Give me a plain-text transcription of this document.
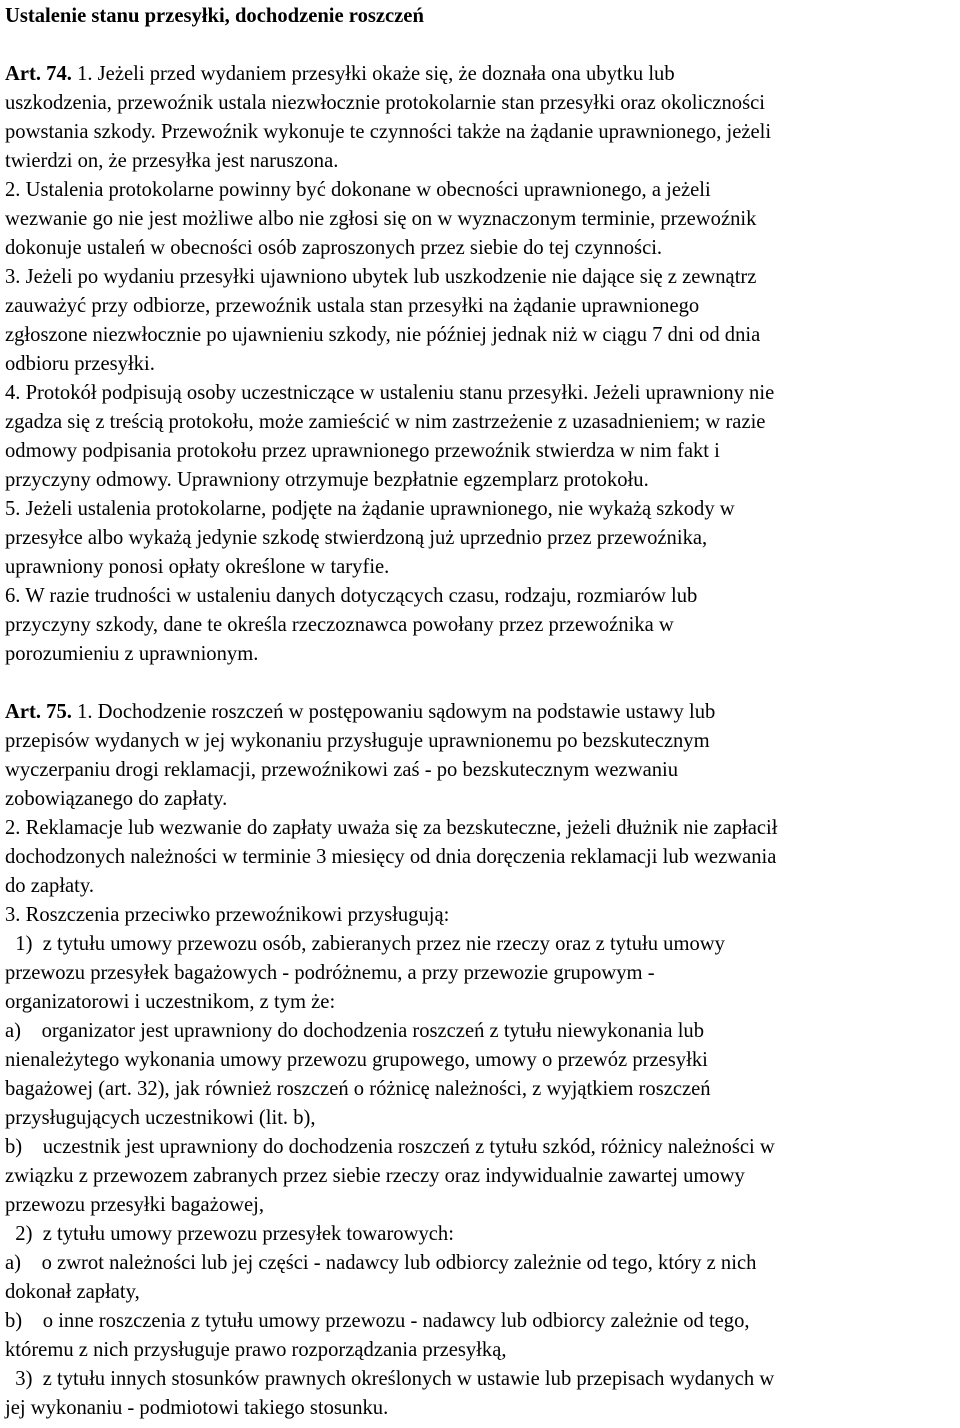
Ustalenie stanu przesyłki, dochodzenie roszczeń
Art. 74. 1. Jeżeli przed wydaniem przesyłki okaże się, że doznała ona ubytku lub
uszkodzenia, przewoźnik ustala niezwłocznie protokolarnie stan przesyłki oraz okoliczności
powstania szkody. Przewoźnik wykonuje te czynności także na żądanie uprawnionego, jeżeli
twierdzi on, że przesyłka jest naruszona.
2. Ustalenia protokolarne powinny być dokonane w obecności uprawnionego, a jeżeli
wezwanie go nie jest możliwe albo nie zgłosi się on w wyznaczonym terminie, przewoźnik
dokonuje ustaleń w obecności osób zaproszonych przez siebie do tej czynności.
3. Jeżeli po wydaniu przesyłki ujawniono ubytek lub uszkodzenie nie dające się z zewnątrz
zauważyć przy odbiorze, przewoźnik ustala stan przesyłki na żądanie uprawnionego
zgłoszone niezwłocznie po ujawnieniu szkody, nie później jednak niż w ciągu 7 dni od dnia
odbioru przesyłki.
4. Protokół podpisują osoby uczestniczące w ustaleniu stanu przesyłki. Jeżeli uprawniony nie
zgadza się z treścią protokołu, może zamieścić w nim zastrzeżenie z uzasadnieniem; w razie
odmowy podpisania protokołu przez uprawnionego przewoźnik stwierdza w nim fakt i
przyczyny odmowy. Uprawniony otrzymuje bezpłatnie egzemplarz protokołu.
5. Jeżeli ustalenia protokolarne, podjęte na żądanie uprawnionego, nie wykażą szkody w
przesyłce albo wykażą jedynie szkodę stwierdzoną już uprzednio przez przewoźnika,
uprawniony ponosi opłaty określone w taryfie.
6. W razie trudności w ustaleniu danych dotyczących czasu, rodzaju, rozmiarów lub
przyczyny szkody, dane te określa rzeczoznawca powołany przez przewoźnika w
porozumieniu z uprawnionym.
Art. 75. 1. Dochodzenie roszczeń w postępowaniu sądowym na podstawie ustawy lub
przepisów wydanych w jej wykonaniu przysługuje uprawnionemu po bezskutecznym
wyczerpaniu drogi reklamacji, przewoźnikowi zaś - po bezskutecznym wezwaniu
zobowiązanego do zapłaty.
2. Reklamacje lub wezwanie do zapłaty uważa się za bezskuteczne, jeżeli dłużnik nie zapłacił
dochodzonych należności w terminie 3 miesięcy od dnia doręczenia reklamacji lub wezwania
do zapłaty.
3. Roszczenia przeciwko przewoźnikowi przysługują:
1)  z tytułu umowy przewozu osób, zabieranych przez nie rzeczy oraz z tytułu umowy
przewozu przesyłek bagażowych - podróżnemu, a przy przewozie grupowym -
organizatorowi i uczestnikom, z tym że:
a)    organizator jest uprawniony do dochodzenia roszczeń z tytułu niewykonania lub
nienależytego wykonania umowy przewozu grupowego, umowy o przewóz przesyłki
bagażowej (art. 32), jak również roszczeń o różnicę należności, z wyjątkiem roszczeń
przysługujących uczestnikowi (lit. b),
b)    uczestnik jest uprawniony do dochodzenia roszczeń z tytułu szkód, różnicy należności w
związku z przewozem zabranych przez siebie rzeczy oraz indywidualnie zawartej umowy
przewozu przesyłki bagażowej,
2)  z tytułu umowy przewozu przesyłek towarowych:
a)    o zwrot należności lub jej części - nadawcy lub odbiorcy zależnie od tego, który z nich
dokonał zapłaty,
b)    o inne roszczenia z tytułu umowy przewozu - nadawcy lub odbiorcy zależnie od tego,
któremu z nich przysługuje prawo rozporządzania przesyłką,
3)  z tytułu innych stosunków prawnych określonych w ustawie lub przepisach wydanych w
jej wykonaniu - podmiotowi takiego stosunku.
